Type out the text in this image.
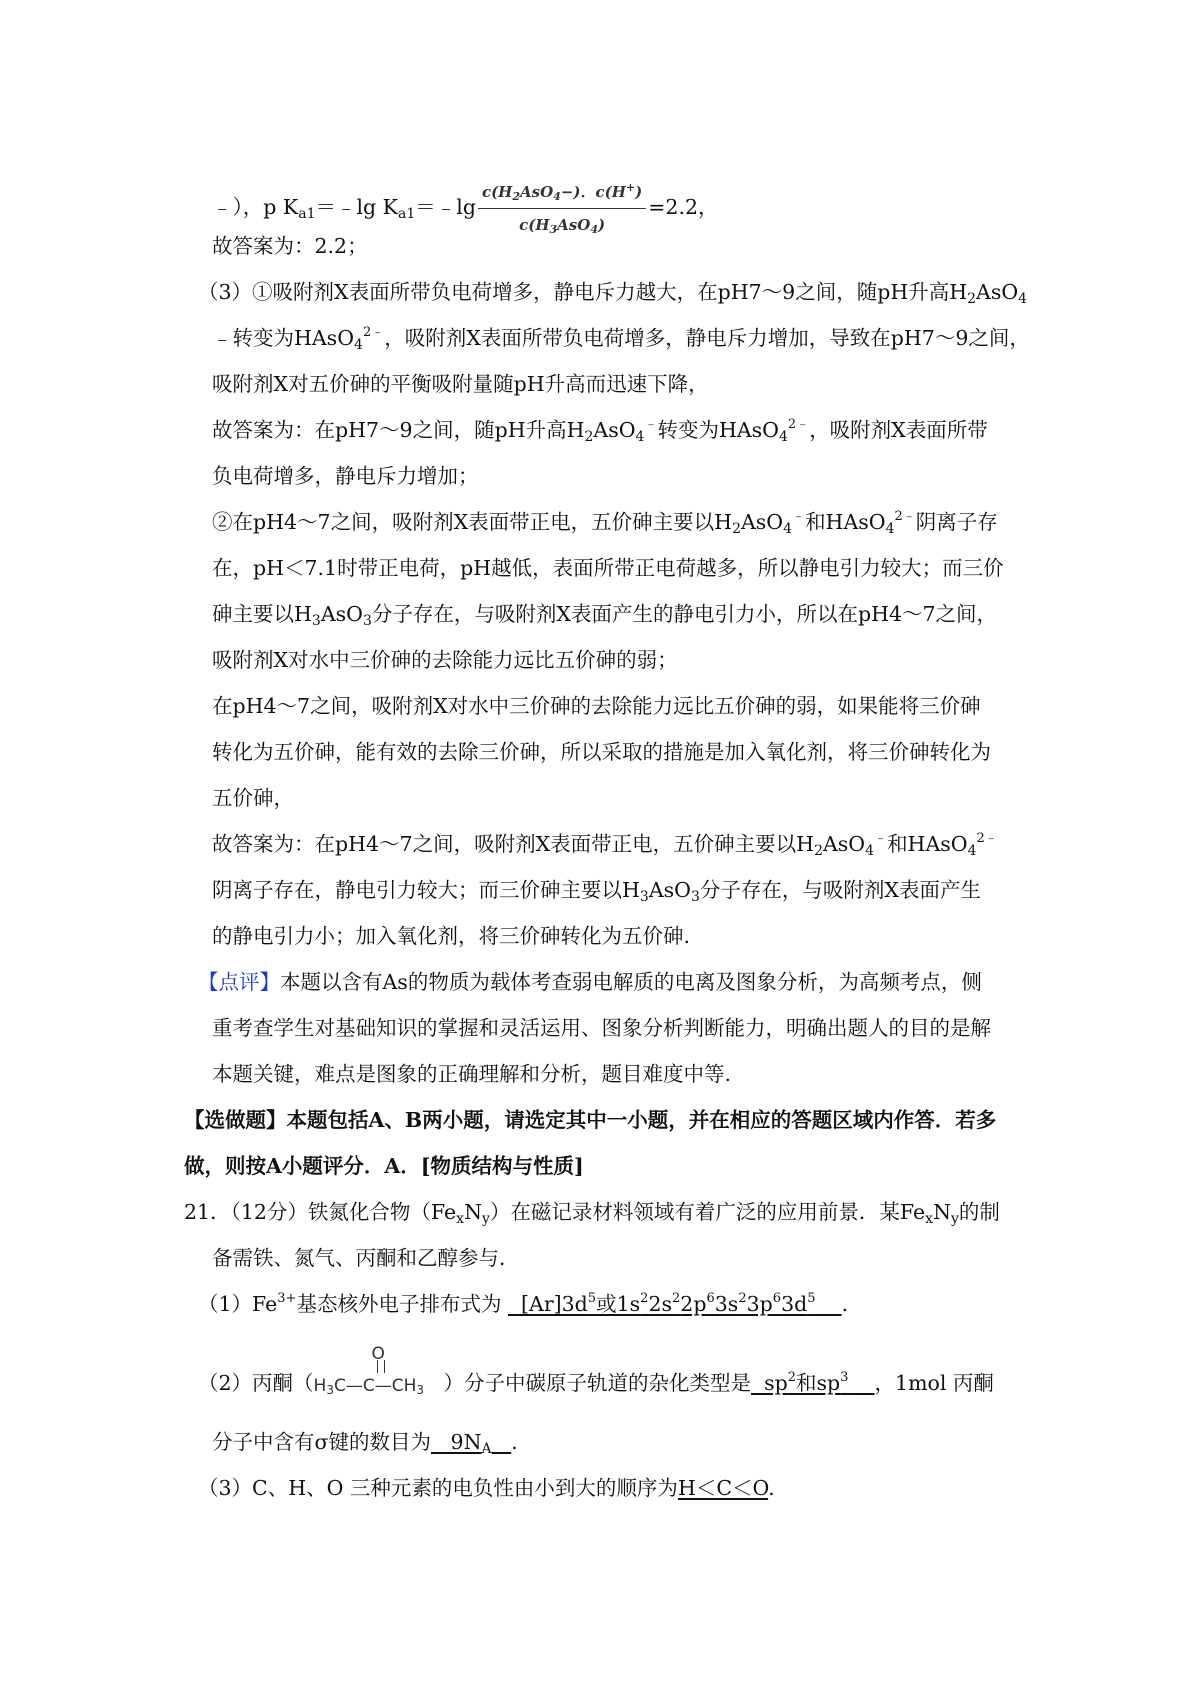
﹣），p $K_{a1}=﹣\lg$ $K_{a1}=﹣\lg \frac{c(H_2AsO_4-).c(H^+)}{c(H_3AsO_4)} =2.2$，
故答案为：2.2；
（3）①吸附剂X表面所带负电荷增多，静电斥力越大，在pH7～9之间，随pH升高$H_2AsO_4$
﹣转变为HAsO$_4^{2﹣}$，吸附剂X表面所带负电荷增多，静电斥力增加，导致在pH7～9之间，
吸附剂X对五价砷的平衡吸附量随pH升高而迅速下降，
故答案为：在pH7～9之间，随pH升高$H_2AsO_4^﹣$转变为HAsO$_4^{2﹣}$，吸附剂X表面所带
负电荷增多，静电斥力增加；
②在pH4～7之间，吸附剂X表面带正电，五价砷主要以$H_2AsO_4^﹣$和HAsO$_4^{2﹣}$阴离子存
在，pH＜7.1时带正电荷，pH越低，表面所带正电荷越多，所以静电引力较大；而三价
砷主要以$H_3AsO_3$分子存在，与吸附剂X表面产生的静电引力小，所以在pH4～7之间，
吸附剂X对水中三价砷的去除能力远比五价砷的弱；
在pH4～7之间，吸附剂X对水中三价砷的去除能力远比五价砷的弱，如果能将三价砷
转化为五价砷，能有效的去除三价砷，所以采取的措施是加入氧化剂，将三价砷转化为
五价砷，
故答案为：在pH4～7之间，吸附剂X表面带正电，五价砷主要以$H_2AsO_4^﹣$和HAsO$_4^{2﹣}$
阴离子存在，静电引力较大；而三价砷主要以$H_3AsO_3$分子存在，与吸附剂X表面产生
的静电引力小；加入氧化剂，将三价砷转化为五价砷.
【点评】本题以含有As的物质为载体考查弱电解质的电离及图象分析，为高频考点，侧
重考查学生对基础知识的掌握和灵活运用、图象分析判断能力，明确出题人的目的是解
本题关键，难点是图象的正确理解和分析，题目难度中等.
【选做题】本题包括A、B两小题，请选定其中一小题，并在相应的答题区域内作答．若多
做，则按A小题评分．A．[物质结构与性质]
21．（12分）铁氮化合物$(Fe_xN_y)$在磁记录材料领域有着广泛的应用前景．某$Fe_xN_y$的制
备需铁、氮气、丙酮和乙醇参与．
$(1)Fe^{3+}$基态核外电子排布式为   $[Ar]3d^5$或$1s^22s^22p^63s^23p^63d^5$ .
（2）丙酮（
O
$H_3C—C—CH_3$ ）分子中碳原子轨道的杂化类型是  $sp^2$和$sp^3$ ，1mol 丙酮
分子中含有σ键的数目为   $9N_A$ .
（3）C、H、O 三种元素的电负性由小到大的顺序为H＜C＜O.
